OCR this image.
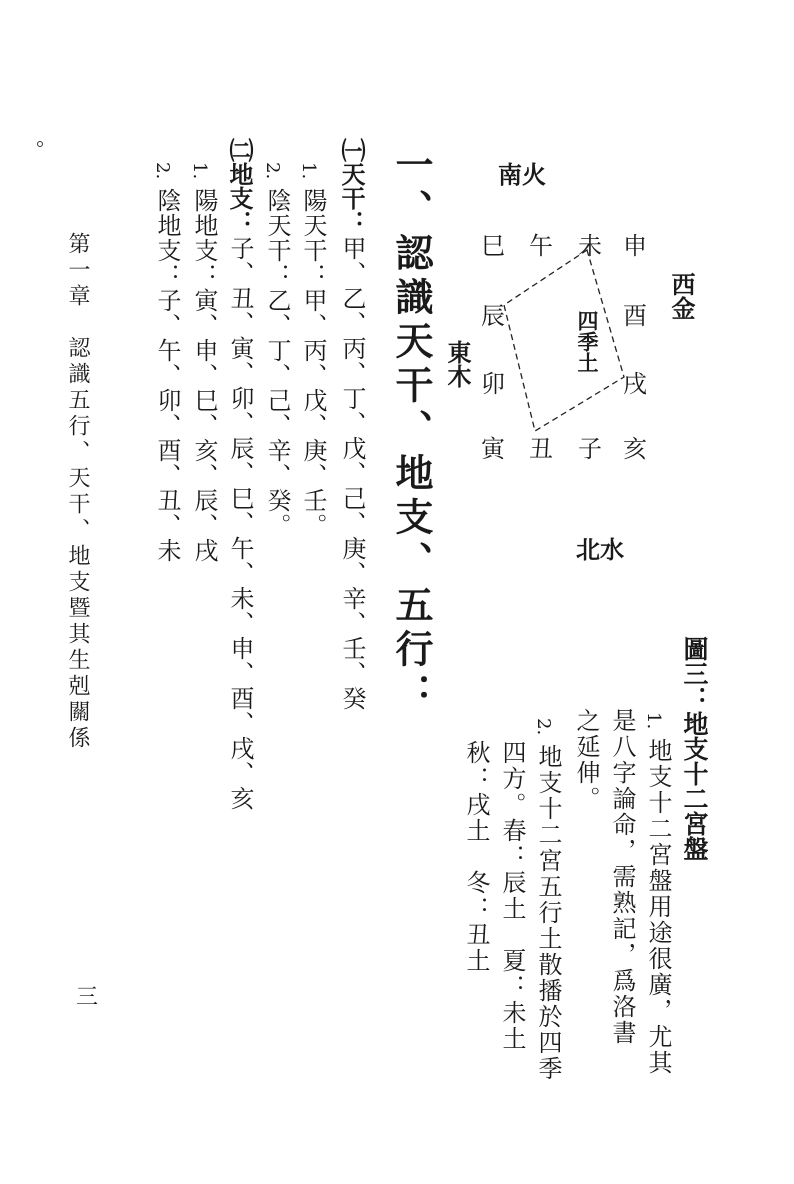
南火
西金
東木
北水
四季土
巳 午 未 申
辰	酉
卯	戌
寅 丑 子 亥
圖三：地支十二宮盤
1.
地支十二宮盤用途很廣，尤其
是八字論命，需熟記，爲洛書
之延伸。
2.
地支十二宮五行土散播於四季
四方。春：辰土　夏：未土
秋：戌土　冬：丑土
一、認識天干、地支、五行：
㈠天干：
甲、乙、丙、丁、戊、己、庚、辛、壬、癸
1.
陽天干：甲、丙、戊、庚、壬。
2.
陰天干：乙、丁、己、辛、癸。
㈡地支：
子、丑、寅、卯、辰、巳、午、未、申、酉、戌、亥
1.
陽地支：寅、申、巳、亥、辰、戌
2.
陰地支：子、午、卯、酉、丑、未
第一章　認識五行、天干、地支暨其生剋關係
三
